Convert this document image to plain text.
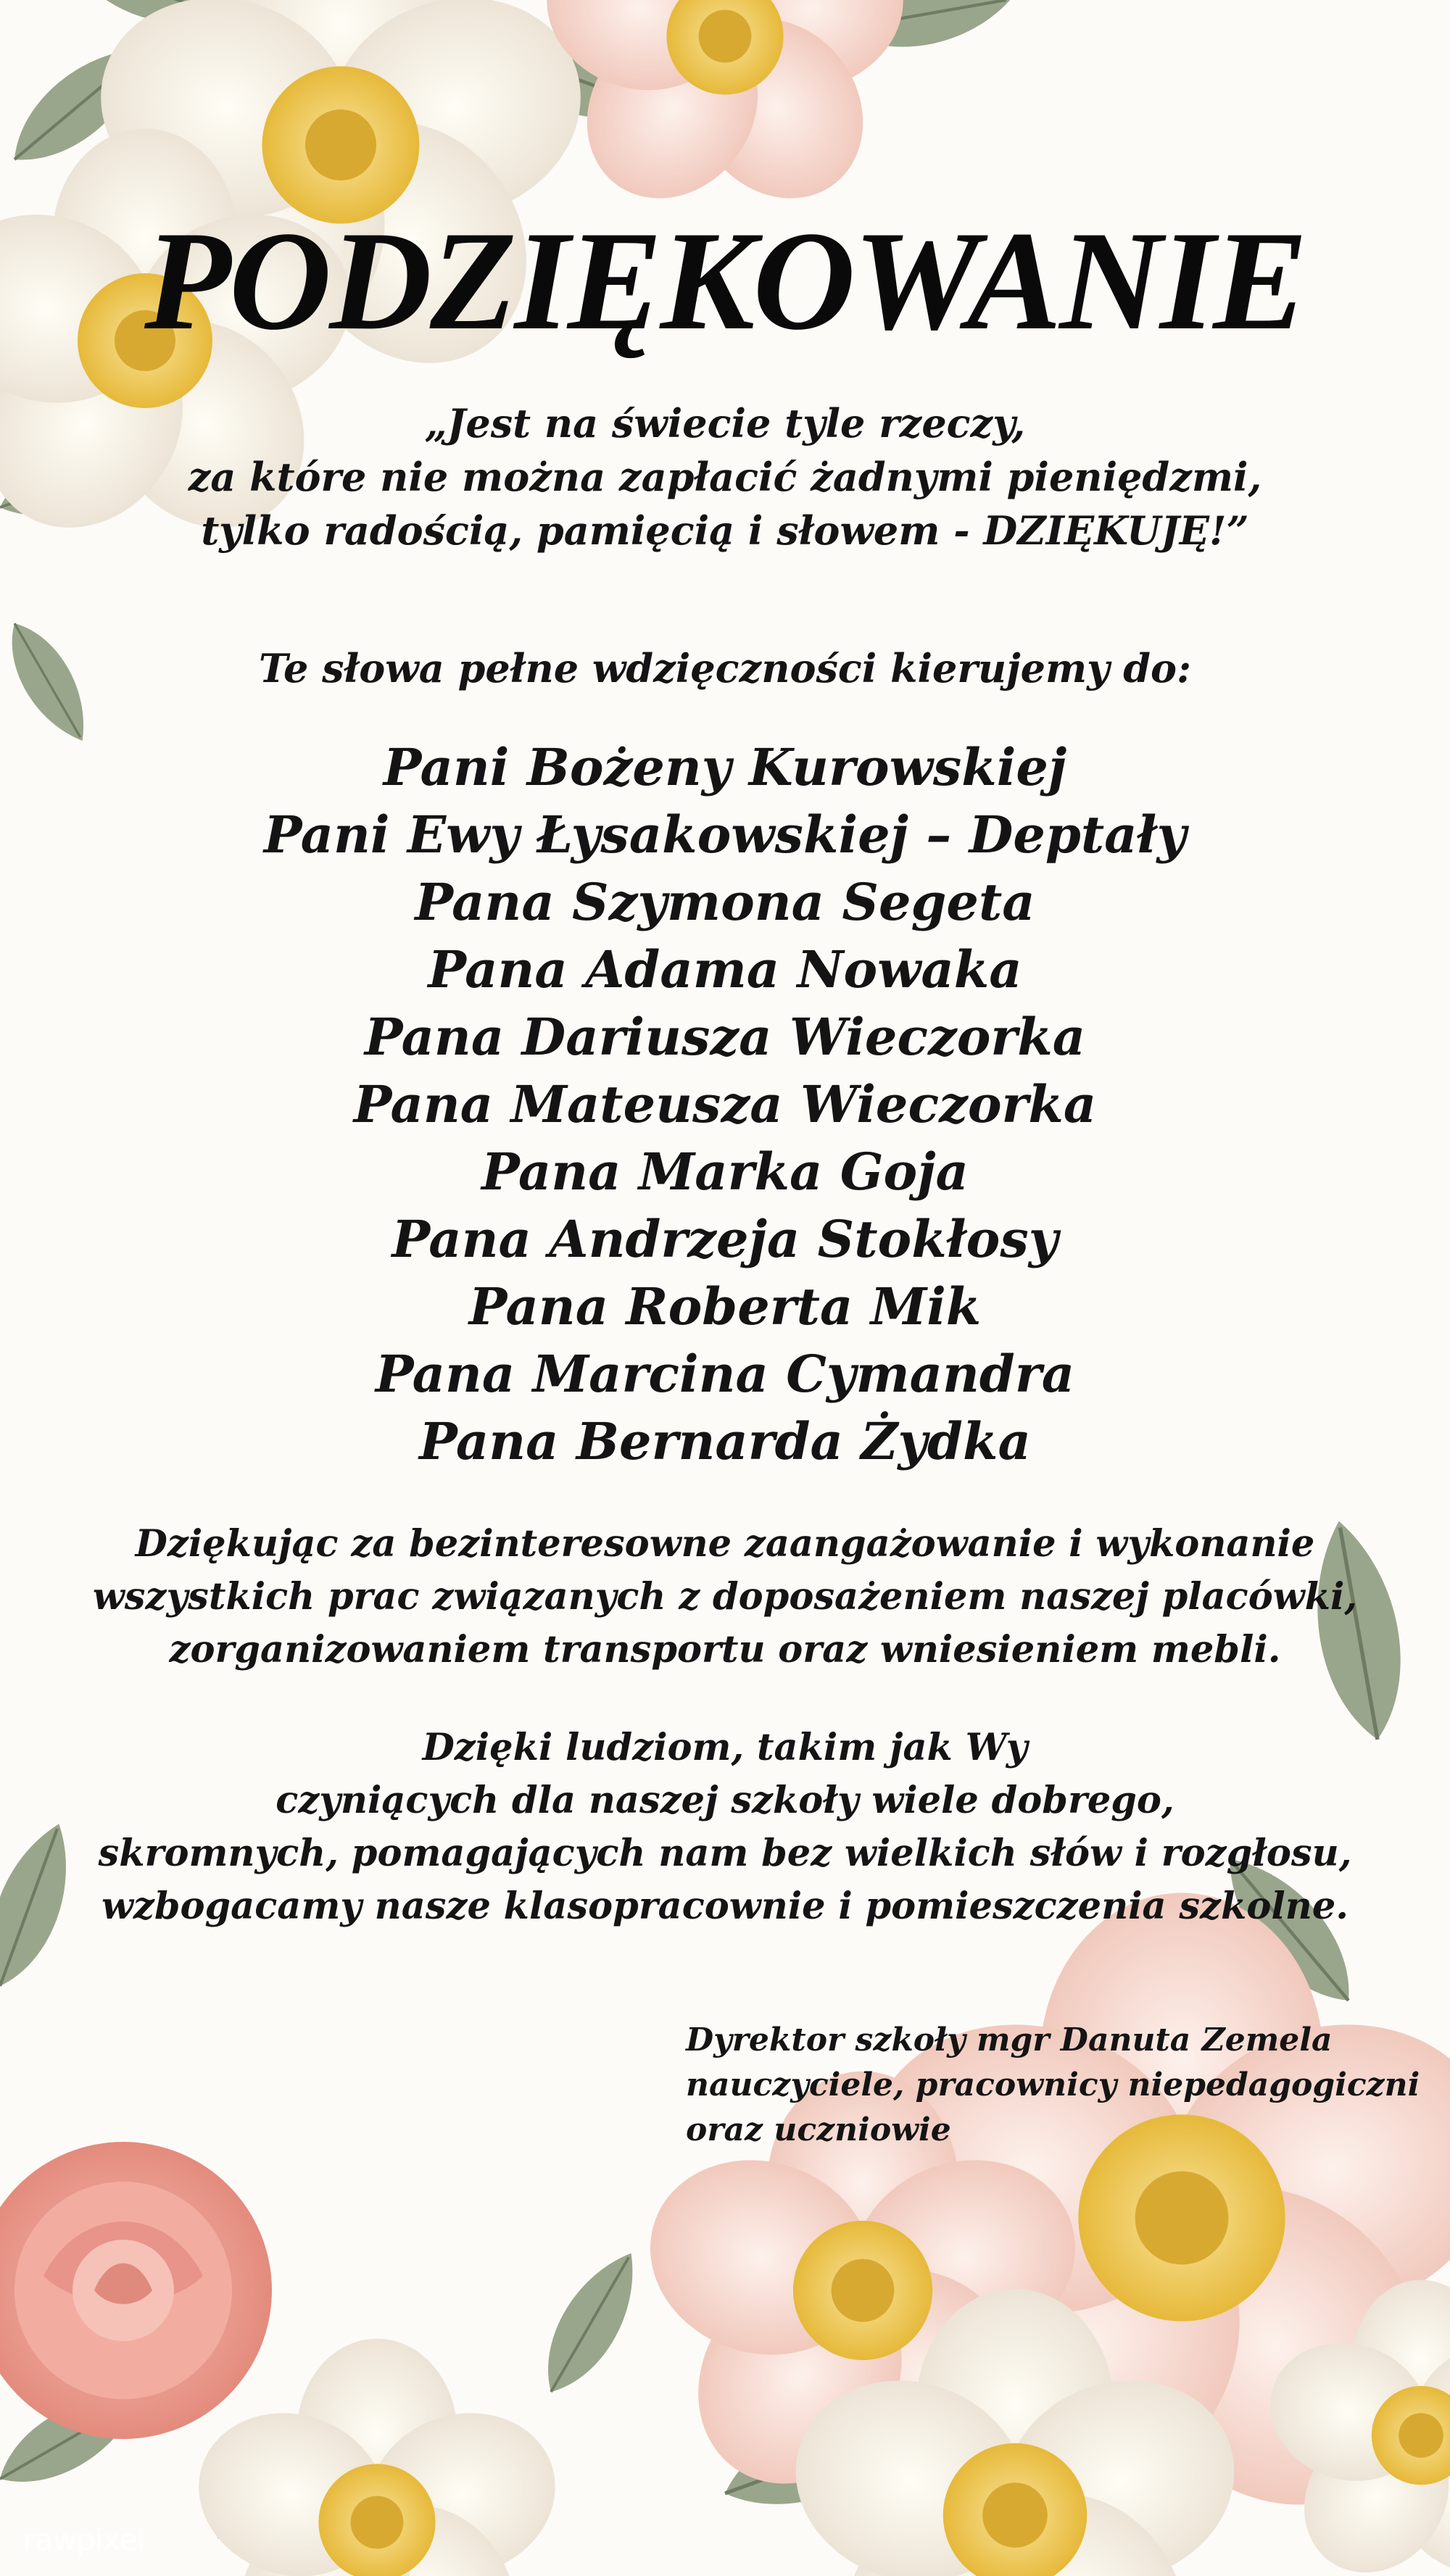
PODZIĘKOWANIE
„Jest na świecie tyle rzeczy,
za które nie można zapłacić żadnymi pieniędzmi,
tylko radością, pamięcią i słowem - DZIĘKUJĘ!”

Te słowa pełne wdzięczności kierujemy do:

Pani Bożeny Kurowskiej
Pani Ewy Łysakowskiej – Deptały
Pana Szymona Segeta
Pana Adama Nowaka
Pana Dariusza Wieczorka
Pana Mateusza Wieczorka
Pana Marka Goja
Pana Andrzeja Stokłosy
Pana Roberta Mik
Pana Marcina Cymandra
Pana Bernarda Żydka
Dziękując za bezinteresowne zaangażowanie i wykonanie
wszystkich prac związanych z doposażeniem naszej placówki,
zorganizowaniem transportu oraz wniesieniem mebli.
Dzięki ludziom, takim jak Wy
czyniących dla naszej szkoły wiele dobrego,
skromnych, pomagających nam bez wielkich słów i rozgłosu,
wzbogacamy nasze klasopracownie i pomieszczenia szkolne.
Dyrektor szkoły mgr Danuta Zemela
nauczyciele, pracownicy niepedagogiczni
oraz uczniowie
rawpixel
